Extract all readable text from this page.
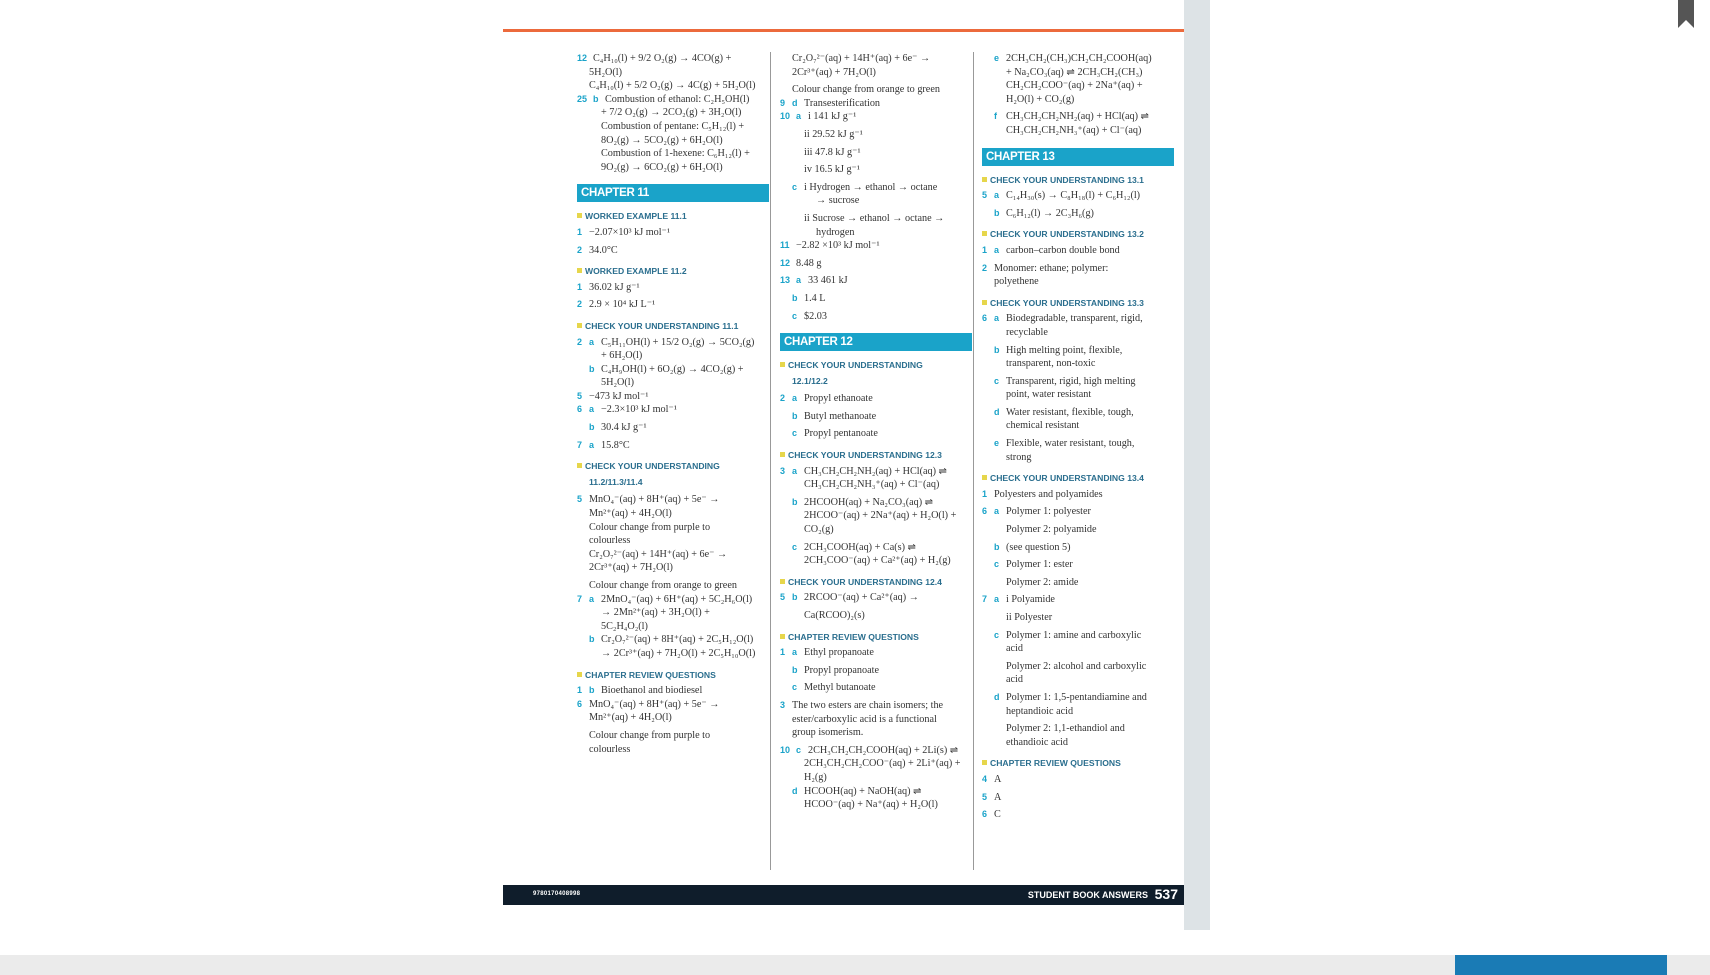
12 C₄H₁₀(l) + 9/2 O₂(g) → 4CO(g) +
5H₂O(l)
C₄H₁₀(l) + 5/2 O₂(g) → 4C(g) + 5H₂O(l)
25 b Combustion of ethanol: C₂H₅OH(l)
+ 7/2 O₂(g) → 2CO₂(g) + 3H₂O(l)
Combustion of pentane: C₅H₁₂(l) +
8O₂(g) → 5CO₂(g) + 6H₂O(l)
Combustion of 1-hexene: C₆H₁₂(l) +
9O₂(g) → 6CO₂(g) + 6H₂O(l)
CHAPTER 11
WORKED EXAMPLE 11.1
1 −2.07×10³ kJ mol⁻¹
2 34.0°C
WORKED EXAMPLE 11.2
1 36.02 kJ g⁻¹
2 2.9 × 10⁴ kJ L⁻¹
CHECK YOUR UNDERSTANDING 11.1
2 a C₅H₁₁OH(l) + 15/2 O₂(g) → 5CO₂(g)
+ 6H₂O(l)
b C₄H₉OH(l) + 6O₂(g) → 4CO₂(g) +
5H₂O(l)
5 −473 kJ mol⁻¹
6 a −2.3×10³ kJ mol⁻¹
b 30.4 kJ g⁻¹
7 a 15.8°C
CHECK YOUR UNDERSTANDING
11.2/11.3/11.4
5 MnO₄⁻(aq) + 8H⁺(aq) + 5e⁻ →
Mn²⁺(aq) + 4H₂O(l)
Colour change from purple to
colourless
Cr₂O₇²⁻(aq) + 14H⁺(aq) + 6e⁻ →
2Cr³⁺(aq) + 7H₂O(l)
Colour change from orange to green
7 a 2MnO₄⁻(aq) + 6H⁺(aq) + 5C₂H₆O(l)
→ 2Mn²⁺(aq) + 3H₂O(l) +
5C₂H₄O₂(l)
b Cr₂O₇²⁻(aq) + 8H⁺(aq) + 2C₅H₁₂O(l)
→ 2Cr³⁺(aq) + 7H₂O(l) + 2C₅H₁₀O(l)
CHAPTER REVIEW QUESTIONS
1 b Bioethanol and biodiesel
6 MnO₄⁻(aq) + 8H⁺(aq) + 5e⁻ →
Mn²⁺(aq) + 4H₂O(l)
Colour change from purple to
colourless
Cr₂O₇²⁻(aq) + 14H⁺(aq) + 6e⁻ →
2Cr³⁺(aq) + 7H₂O(l)
Colour change from orange to green
9 d Transesterification
10 a i 141 kJ g⁻¹
ii 29.52 kJ g⁻¹
iii 47.8 kJ g⁻¹
iv 16.5 kJ g⁻¹
c i Hydrogen → ethanol → octane
→ sucrose
ii Sucrose → ethanol → octane →
hydrogen
11 −2.82 ×10³ kJ mol⁻¹
12 8.48 g
13 a 33 461 kJ
b 1.4 L
c $2.03
CHAPTER 12
CHECK YOUR UNDERSTANDING
12.1/12.2
2 a Propyl ethanoate
b Butyl methanoate
c Propyl pentanoate
CHECK YOUR UNDERSTANDING 12.3
3 a CH₃CH₂CH₂NH₂(aq) + HCl(aq) ⇌
CH₃CH₂CH₂NH₃⁺(aq) + Cl⁻(aq)
b 2HCOOH(aq) + Na₂CO₃(aq) ⇌
2HCOO⁻(aq) + 2Na⁺(aq) + H₂O(l) +
CO₂(g)
c 2CH₃COOH(aq) + Ca(s) ⇌
2CH₃COO⁻(aq) + Ca²⁺(aq) + H₂(g)
CHECK YOUR UNDERSTANDING 12.4
5 b 2RCOO⁻(aq) + Ca²⁺(aq) →
Ca(RCOO)₂(s)
CHAPTER REVIEW QUESTIONS
1 a Ethyl propanoate
b Propyl propanoate
c Methyl butanoate
3 The two esters are chain isomers; the
ester/carboxylic acid is a functional
group isomerism.
10 c 2CH₃CH₂CH₂COOH(aq) + 2Li(s) ⇌
2CH₃CH₂CH₂COO⁻(aq) + 2Li⁺(aq) +
H₂(g)
d HCOOH(aq) + NaOH(aq) ⇌
HCOO⁻(aq) + Na⁺(aq) + H₂O(l)
e 2CH₃CH₂(CH₃)CH₂CH₂COOH(aq)
+ Na₂CO₃(aq) ⇌ 2CH₃CH₂(CH₃)
CH₂CH₂COO⁻(aq) + 2Na⁺(aq) +
H₂O(l) + CO₂(g)
f CH₃CH₂CH₂NH₂(aq) + HCl(aq) ⇌
CH₃CH₂CH₂NH₃⁺(aq) + Cl⁻(aq)
CHAPTER 13
CHECK YOUR UNDERSTANDING 13.1
5 a C₁₄H₃₀(s) → C₈H₁₈(l) + C₆H₁₂(l)
b C₆H₁₂(l) → 2C₃H₆(g)
CHECK YOUR UNDERSTANDING 13.2
1 a carbon–carbon double bond
2 Monomer: ethane; polymer:
polyethene
CHECK YOUR UNDERSTANDING 13.3
6 a Biodegradable, transparent, rigid,
recyclable
b High melting point, flexible,
transparent, non-toxic
c Transparent, rigid, high melting
point, water resistant
d Water resistant, flexible, tough,
chemical resistant
e Flexible, water resistant, tough,
strong
CHECK YOUR UNDERSTANDING 13.4
1 Polyesters and polyamides
6 a Polymer 1: polyester
Polymer 2: polyamide
b (see question 5)
c Polymer 1: ester
Polymer 2: amide
7 a i Polyamide
ii Polyester
c Polymer 1: amine and carboxylic
acid
Polymer 2: alcohol and carboxylic
acid
d Polymer 1: 1,5-pentandiamine and
heptandioic acid
Polymer 2: 1,1-ethandiol and
ethandioic acid
CHAPTER REVIEW QUESTIONS
4 A
5 A
6 C
9780170408998	STUDENT BOOK ANSWERS 537
